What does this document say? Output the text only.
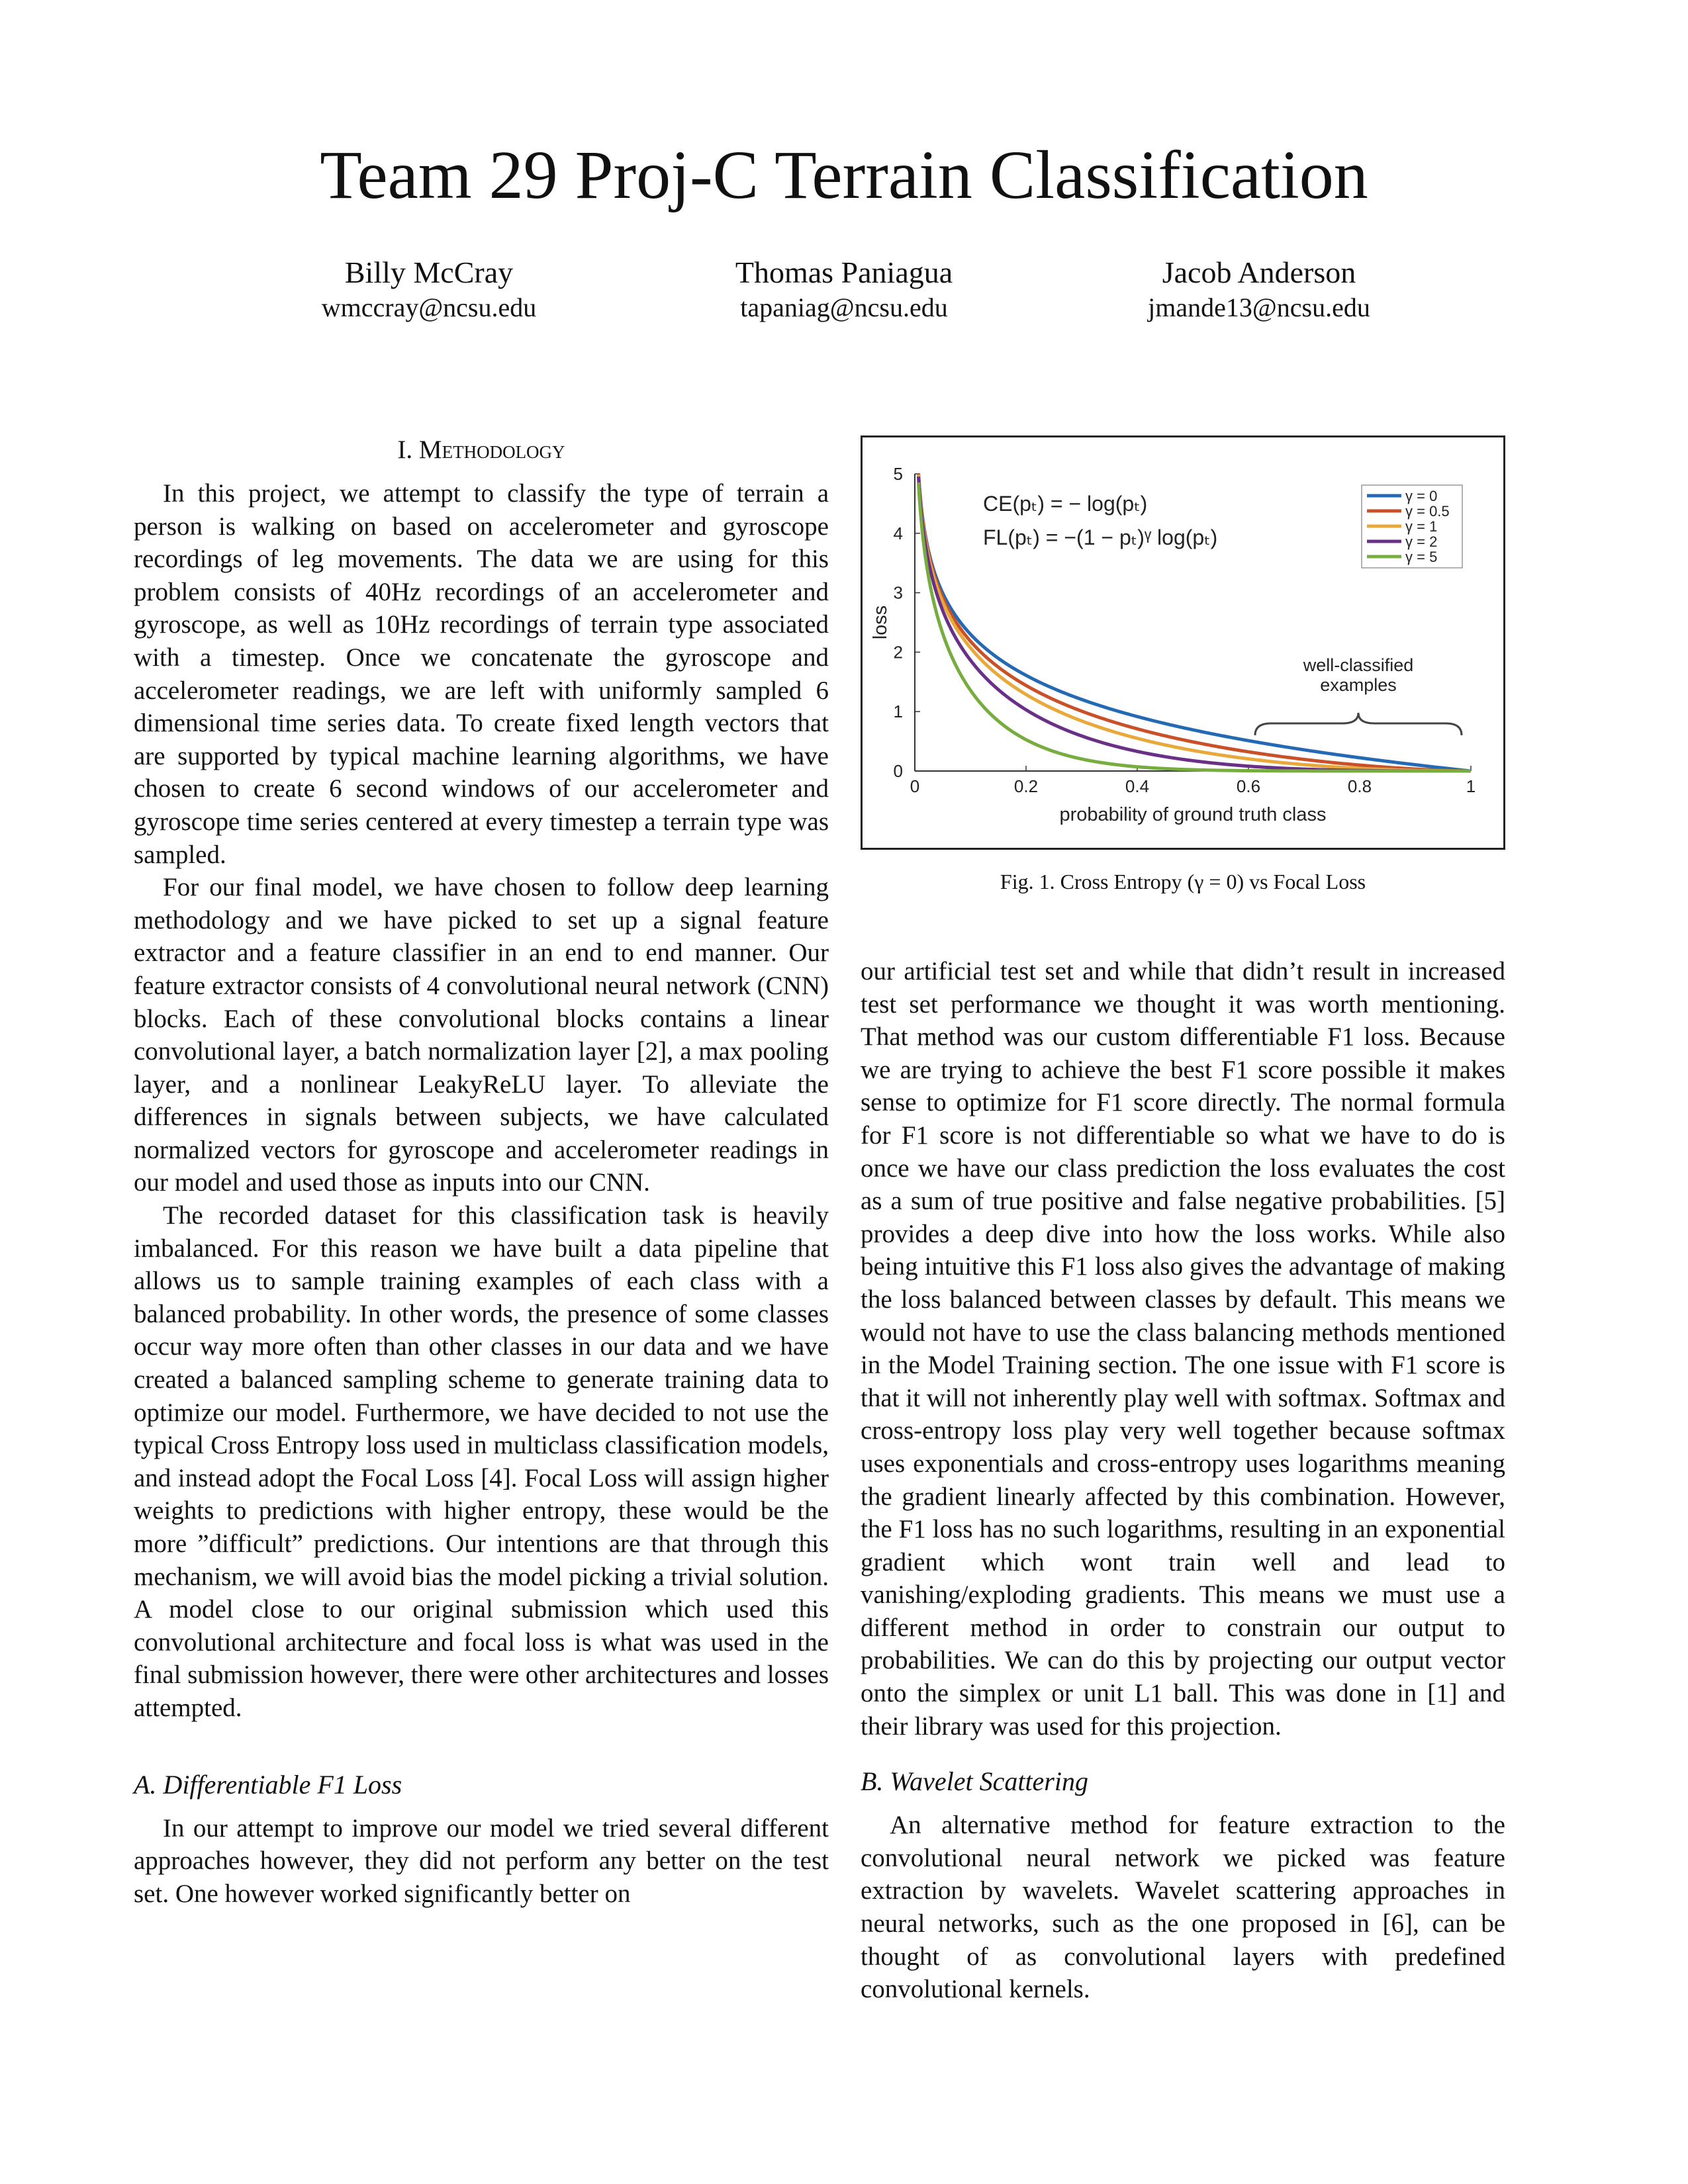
Team 29 Proj-C Terrain Classification
Billy McCray
wmccray@ncsu.edu
Thomas Paniagua
tapaniag@ncsu.edu
Jacob Anderson
jmande13@ncsu.edu
I. Methodology

In this project, we attempt to classify the type of terrain a person is walking on based on accelerometer and gyroscope recordings of leg movements. The data we are using for this problem consists of 40Hz recordings of an accelerometer and gyroscope, as well as 10Hz recordings of terrain type associated with a timestep. Once we concatenate the gyroscope and accelerometer readings, we are left with uniformly sampled 6 dimensional time series data. To create fixed length vectors that are supported by typical machine learning algorithms, we have chosen to create 6 second windows of our accelerometer and gyroscope time series centered at every timestep a terrain type was sampled.

For our final model, we have chosen to follow deep learning methodology and we have picked to set up a signal feature extractor and a feature classifier in an end to end manner. Our feature extractor consists of 4 convolutional neural network (CNN) blocks. Each of these convolutional blocks contains a linear convolutional layer, a batch normalization layer [2], a max pooling layer, and a nonlinear LeakyReLU layer. To alleviate the differences in signals between subjects, we have calculated normalized vectors for gyroscope and accelerometer readings in our model and used those as inputs into our CNN.

The recorded dataset for this classification task is heavily imbalanced. For this reason we have built a data pipeline that allows us to sample training examples of each class with a balanced probability. In other words, the presence of some classes occur way more often than other classes in our data and we have created a balanced sampling scheme to generate training data to optimize our model. Furthermore, we have decided to not use the typical Cross Entropy loss used in multiclass classification models, and instead adopt the Focal Loss [4]. Focal Loss will assign higher weights to predictions with higher entropy, these would be the more ”difficult” predictions. Our intentions are that through this mechanism, we will avoid bias the model picking a trivial solution. A model close to our original submission which used this convolutional architecture and focal loss is what was used in the final submission however, there were other architectures and losses attempted.

A. Differentiable F1 Loss

In our attempt to improve our model we tried several different approaches however, they did not perform any better on the test set. One however worked significantly better on

0	0.2	0.4	0.6	0.8	1
0
1
2
3
4
5
probability of ground truth class
loss
CE(pₜ) = − log(pₜ)
FL(pₜ) = −(1 − pₜ)ᵞ log(pₜ)
γ = 0
γ = 0.5
γ = 1
γ = 2
γ = 5
well-classified
examples
Fig. 1. Cross Entropy (γ = 0) vs Focal Loss

our artificial test set and while that didn’t result in increased test set performance we thought it was worth mentioning. That method was our custom differentiable F1 loss. Because we are trying to achieve the best F1 score possible it makes sense to optimize for F1 score directly. The normal formula for F1 score is not differentiable so what we have to do is once we have our class prediction the loss evaluates the cost as a sum of true positive and false negative probabilities. [5] provides a deep dive into how the loss works. While also being intuitive this F1 loss also gives the advantage of making the loss balanced between classes by default. This means we would not have to use the class balancing methods mentioned in the Model Training section. The one issue with F1 score is that it will not inherently play well with softmax. Softmax and cross-entropy loss play very well together because softmax uses exponentials and cross-entropy uses logarithms meaning the gradient linearly affected by this combination. However, the F1 loss has no such logarithms, resulting in an exponential gradient which wont train well and lead to vanishing/exploding gradients. This means we must use a different method in order to constrain our output to probabilities. We can do this by projecting our output vector onto the simplex or unit L1 ball. This was done in [1] and their library was used for this projection.

B. Wavelet Scattering

An alternative method for feature extraction to the convolutional neural network we picked was feature extraction by wavelets. Wavelet scattering approaches in neural networks, such as the one proposed in [6], can be thought of as convolutional layers with predefined convolutional kernels.
